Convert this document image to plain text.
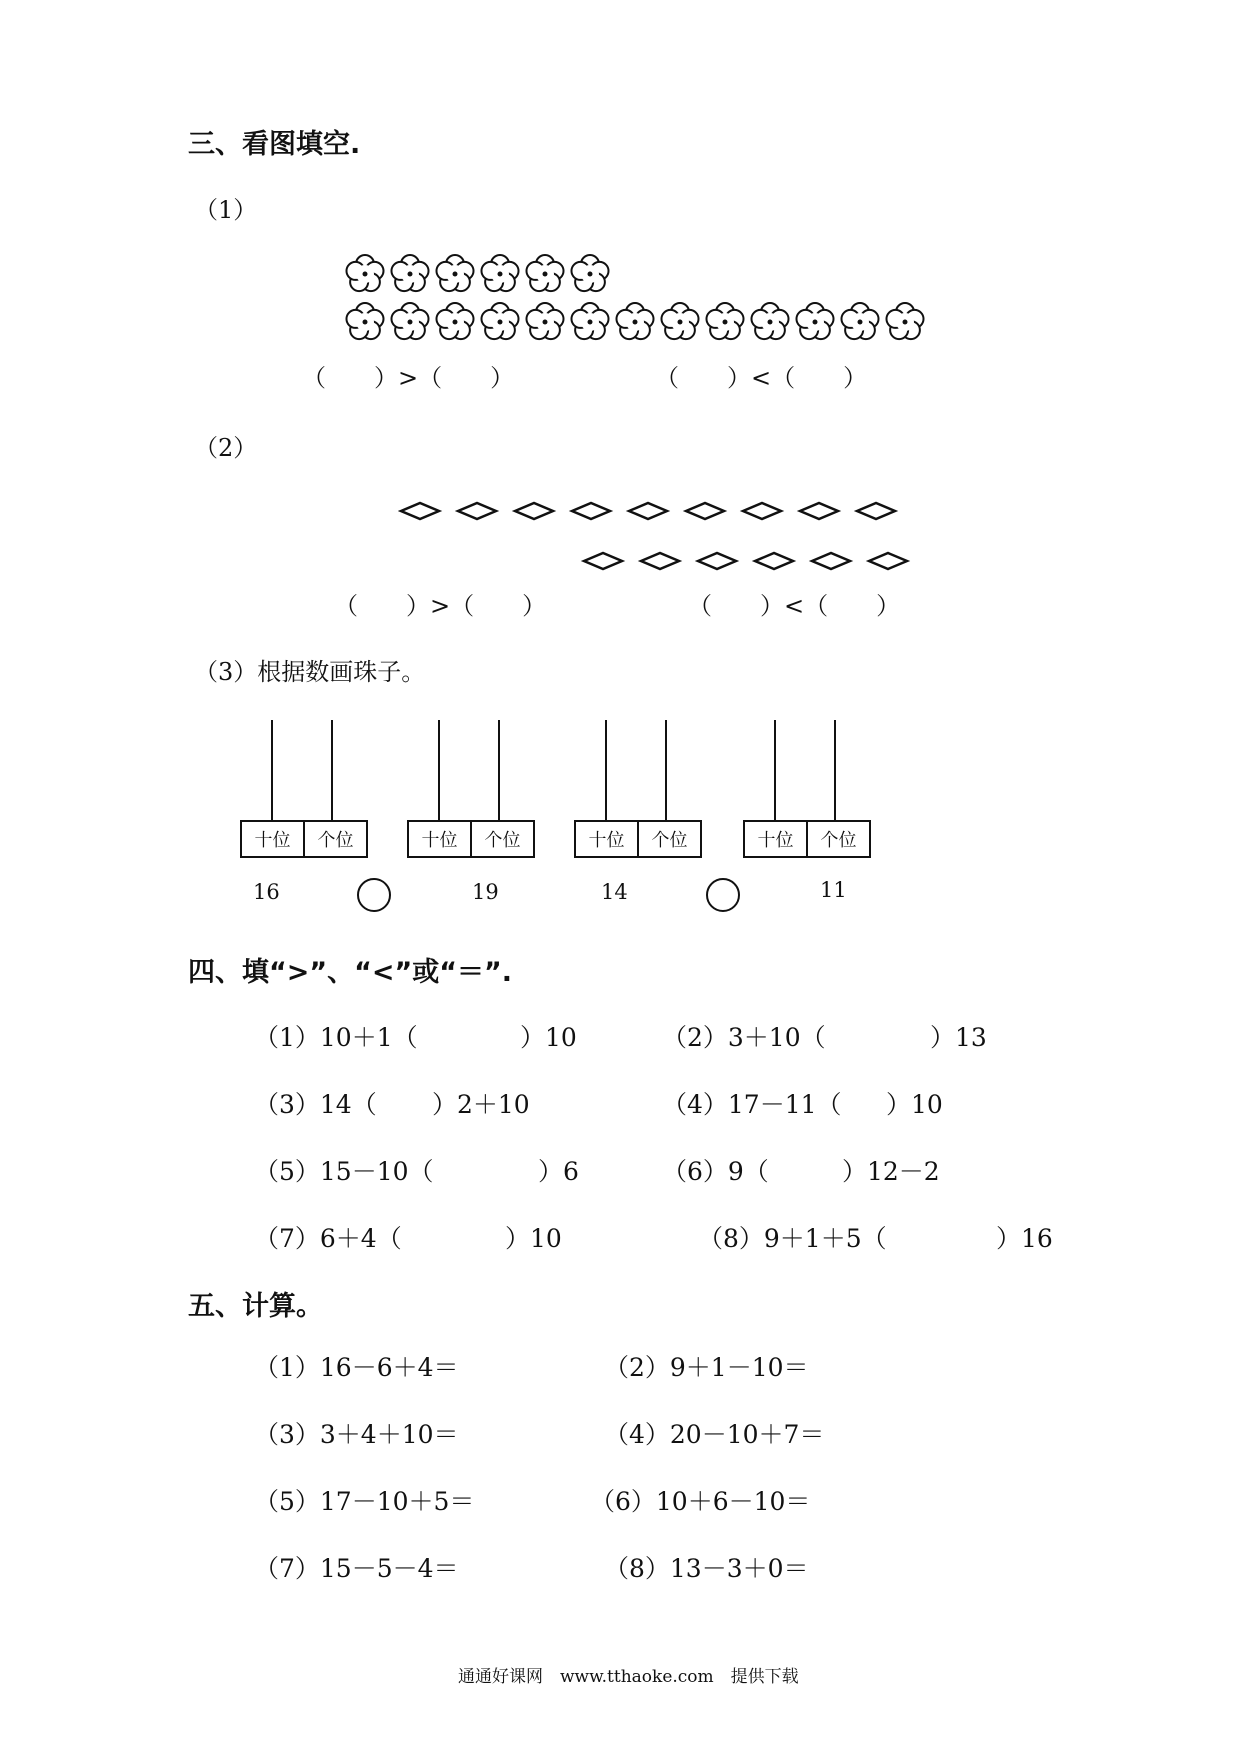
三、看图填空.
（1）
（　　）>（　　）	（　　）<（　　）
（2）
（　　）>（　　）	（　　）<（　　）
（3）根据数画珠子。
十位	个位	十位	个位	十位	个位	十位	个位
16	19	14	11
四、填“>”、“<”或“＝”.
（1）10＋1（	）10	（2）3＋10（	）13
（3）14（ ）2＋10	（4）17－11（ ）10
（5）15－10（	）6	（6）9（	）12－2
（7）6＋4（	）10	（8）9＋1＋5（	）16
五、计算。
（1）16－6＋4＝	（2）9＋1－10＝
（3）3＋4＋10＝	（4）20－10＋7＝
（5）17－10＋5＝	（6）10＋6－10＝
（7）15－5－4＝	（8）13－3＋0＝
通通好课网　www.tthaoke.com　提供下载
